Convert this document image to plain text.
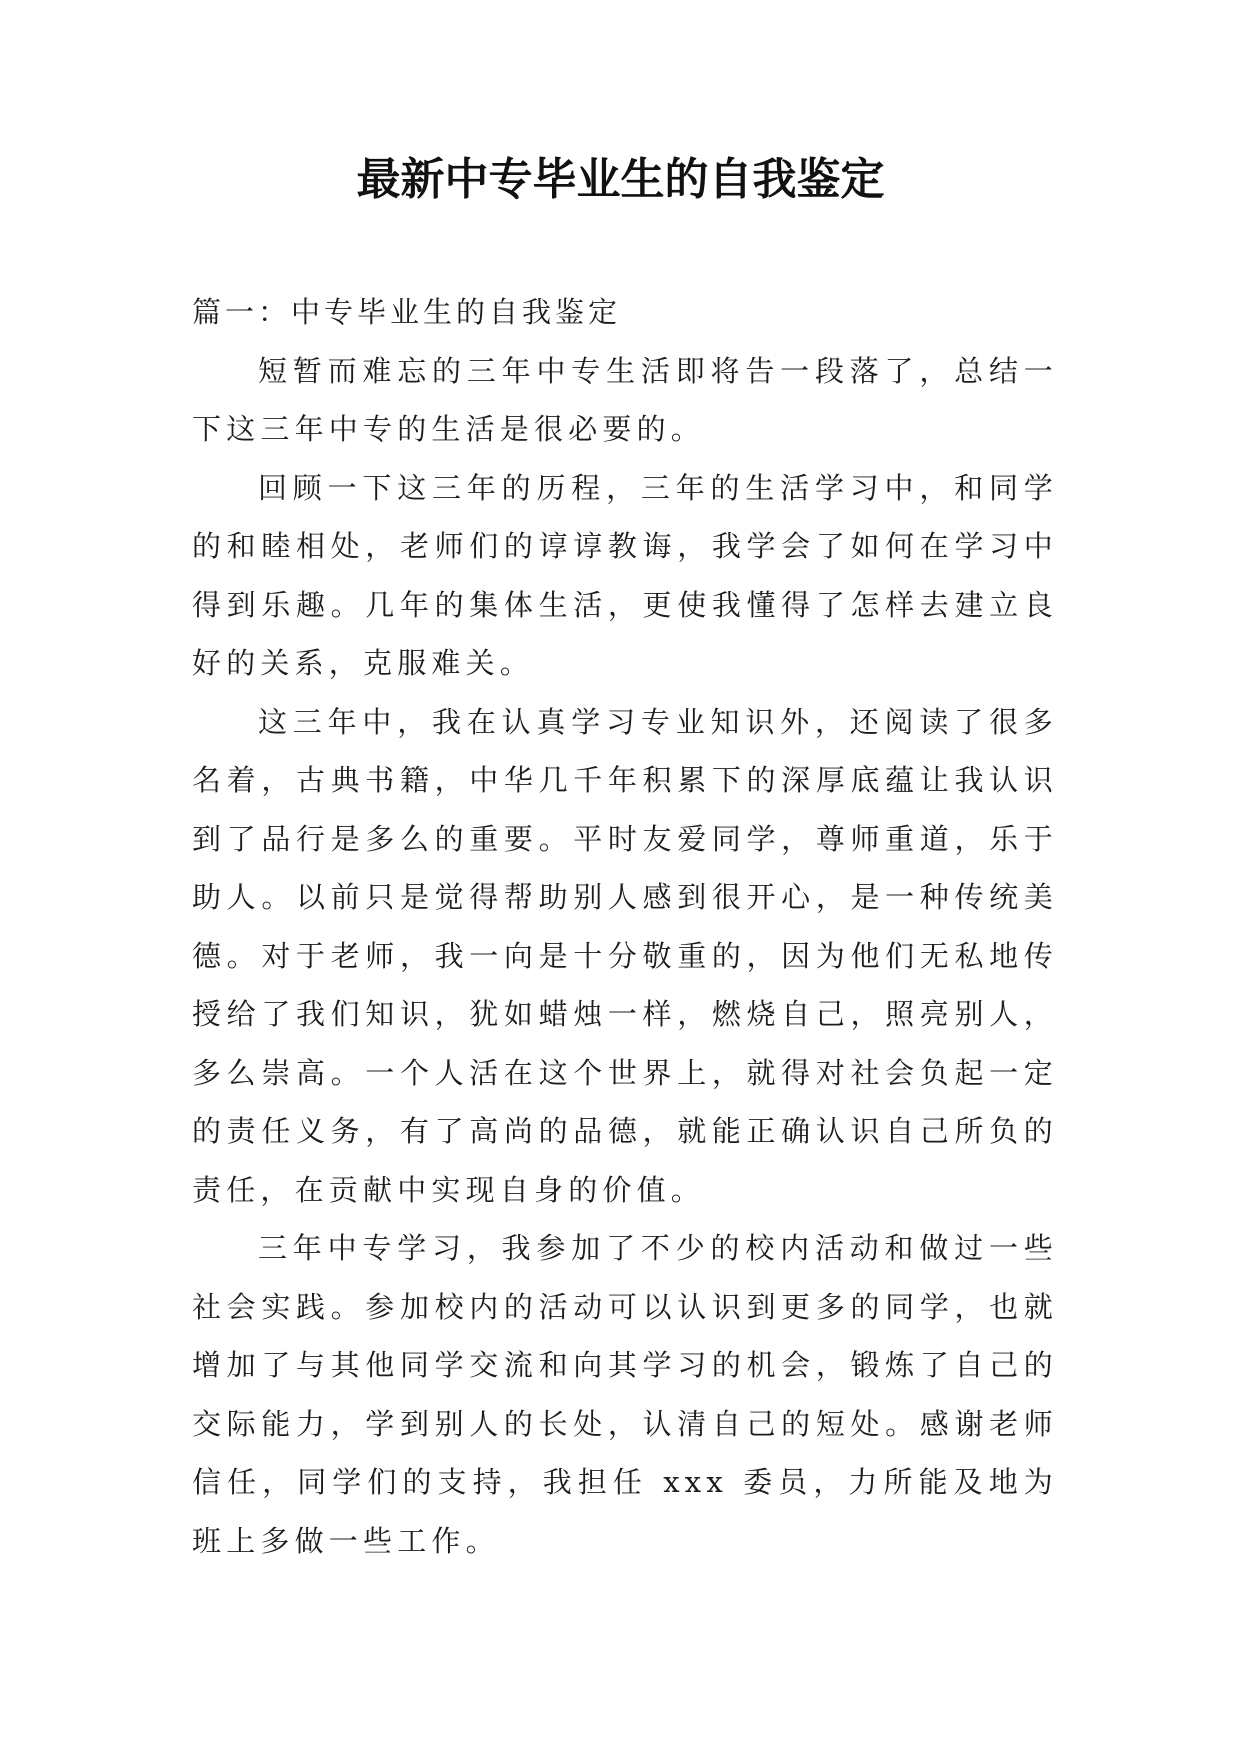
最新中专毕业生的自我鉴定

篇一：中专毕业生的自我鉴定

短暂而难忘的三年中专生活即将告一段落了，总结一下这三年中专的生活是很必要的。

回顾一下这三年的历程，三年的生活学习中，和同学的和睦相处，老师们的谆谆教诲，我学会了如何在学习中得到乐趣。几年的集体生活，更使我懂得了怎样去建立良好的关系，克服难关。

这三年中，我在认真学习专业知识外，还阅读了很多名着，古典书籍，中华几千年积累下的深厚底蕴让我认识到了品行是多么的重要。平时友爱同学，尊师重道，乐于助人。以前只是觉得帮助别人感到很开心，是一种传统美德。对于老师，我一向是十分敬重的，因为他们无私地传授给了我们知识，犹如蜡烛一样，燃烧自己，照亮别人，多么崇高。一个人活在这个世界上，就得对社会负起一定的责任义务，有了高尚的品德，就能正确认识自己所负的责任，在贡献中实现自身的价值。

三年中专学习，我参加了不少的校内活动和做过一些社会实践。参加校内的活动可以认识到更多的同学，也就增加了与其他同学交流和向其学习的机会，锻炼了自己的交际能力，学到别人的长处，认清自己的短处。感谢老师信任，同学们的支持，我担任 xxx 委员，力所能及地为班上多做一些工作。
